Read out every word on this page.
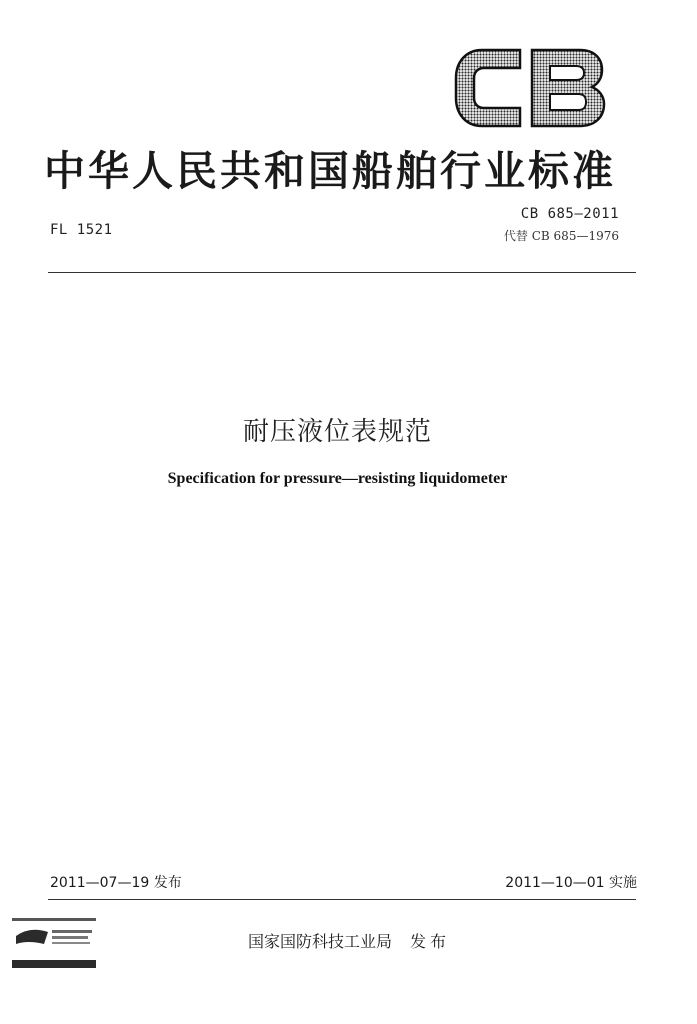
中华人民共和国船舶行业标准
FL 1521
CB 685—2011
代替 CB 685—1976
耐压液位表规范
Specification for pressure—resisting liquidometer
2011—07—19 发布	2011—10—01 实施
国家国防科技工业局 发布
